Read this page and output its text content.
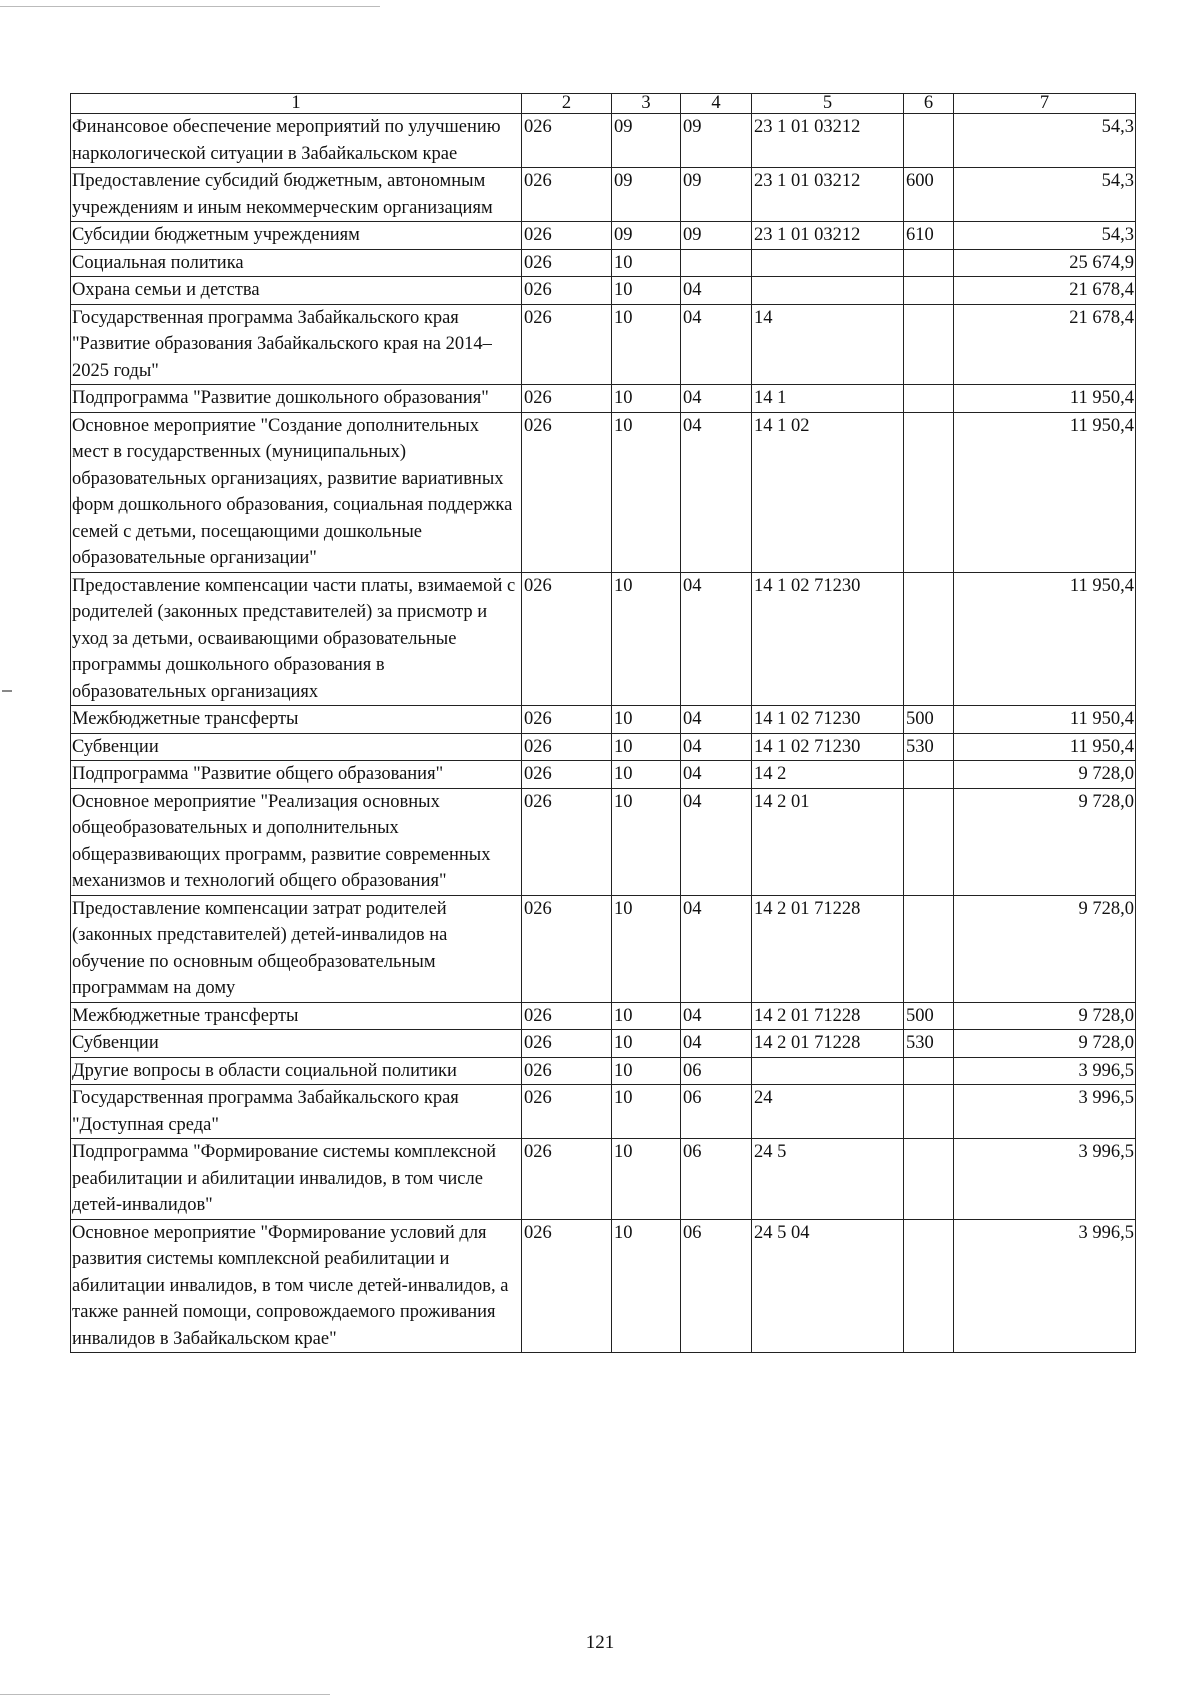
1	2	3	4	5	6	7
Финансовое обеспечение мероприятий по улучшению наркологической ситуации в Забайкальском крае	026	09	09	23 1 01 03212		54,3
Предоставление субсидий бюджетным, автономным учреждениям и иным некоммерческим организациям	026	09	09	23 1 01 03212	600	54,3
Субсидии бюджетным учреждениям	026	09	09	23 1 01 03212	610	54,3
Социальная политика	026	10				25 674,9
Охрана семьи и детства	026	10	04			21 678,4
Государственная программа Забайкальского края "Развитие образования Забайкальского края на 2014–2025 годы"	026	10	04	14		21 678,4
Подпрограмма "Развитие дошкольного образования"	026	10	04	14 1		11 950,4
Основное мероприятие "Создание дополнительных мест в государственных (муниципальных) образовательных организациях, развитие вариативных форм дошкольного образования, социальная поддержка семей с детьми, посещающими дошкольные образовательные организации"	026	10	04	14 1 02		11 950,4
Предоставление компенсации части платы, взимаемой с родителей (законных представителей) за присмотр и уход за детьми, осваивающими образовательные программы дошкольного образования в образовательных организациях	026	10	04	14 1 02 71230		11 950,4
Межбюджетные трансферты	026	10	04	14 1 02 71230	500	11 950,4
Субвенции	026	10	04	14 1 02 71230	530	11 950,4
Подпрограмма "Развитие общего образования"	026	10	04	14 2		9 728,0
Основное мероприятие "Реализация основных общеобразовательных и дополнительных общеразвивающих программ, развитие современных механизмов и технологий общего образования"	026	10	04	14 2 01		9 728,0
Предоставление компенсации затрат родителей (законных представителей) детей-инвалидов на обучение по основным общеобразовательным программам на дому	026	10	04	14 2 01 71228		9 728,0
Межбюджетные трансферты	026	10	04	14 2 01 71228	500	9 728,0
Субвенции	026	10	04	14 2 01 71228	530	9 728,0
Другие вопросы в области социальной политики	026	10	06			3 996,5
Государственная программа Забайкальского края "Доступная среда"	026	10	06	24		3 996,5
Подпрограмма "Формирование системы комплексной реабилитации и абилитации инвалидов, в том числе детей-инвалидов"	026	10	06	24 5		3 996,5
Основное мероприятие "Формирование условий для развития системы комплексной реабилитации и абилитации инвалидов, в том числе детей-инвалидов, а также ранней помощи, сопровождаемого проживания инвалидов в Забайкальском крае"	026	10	06	24 5 04		3 996,5
121
